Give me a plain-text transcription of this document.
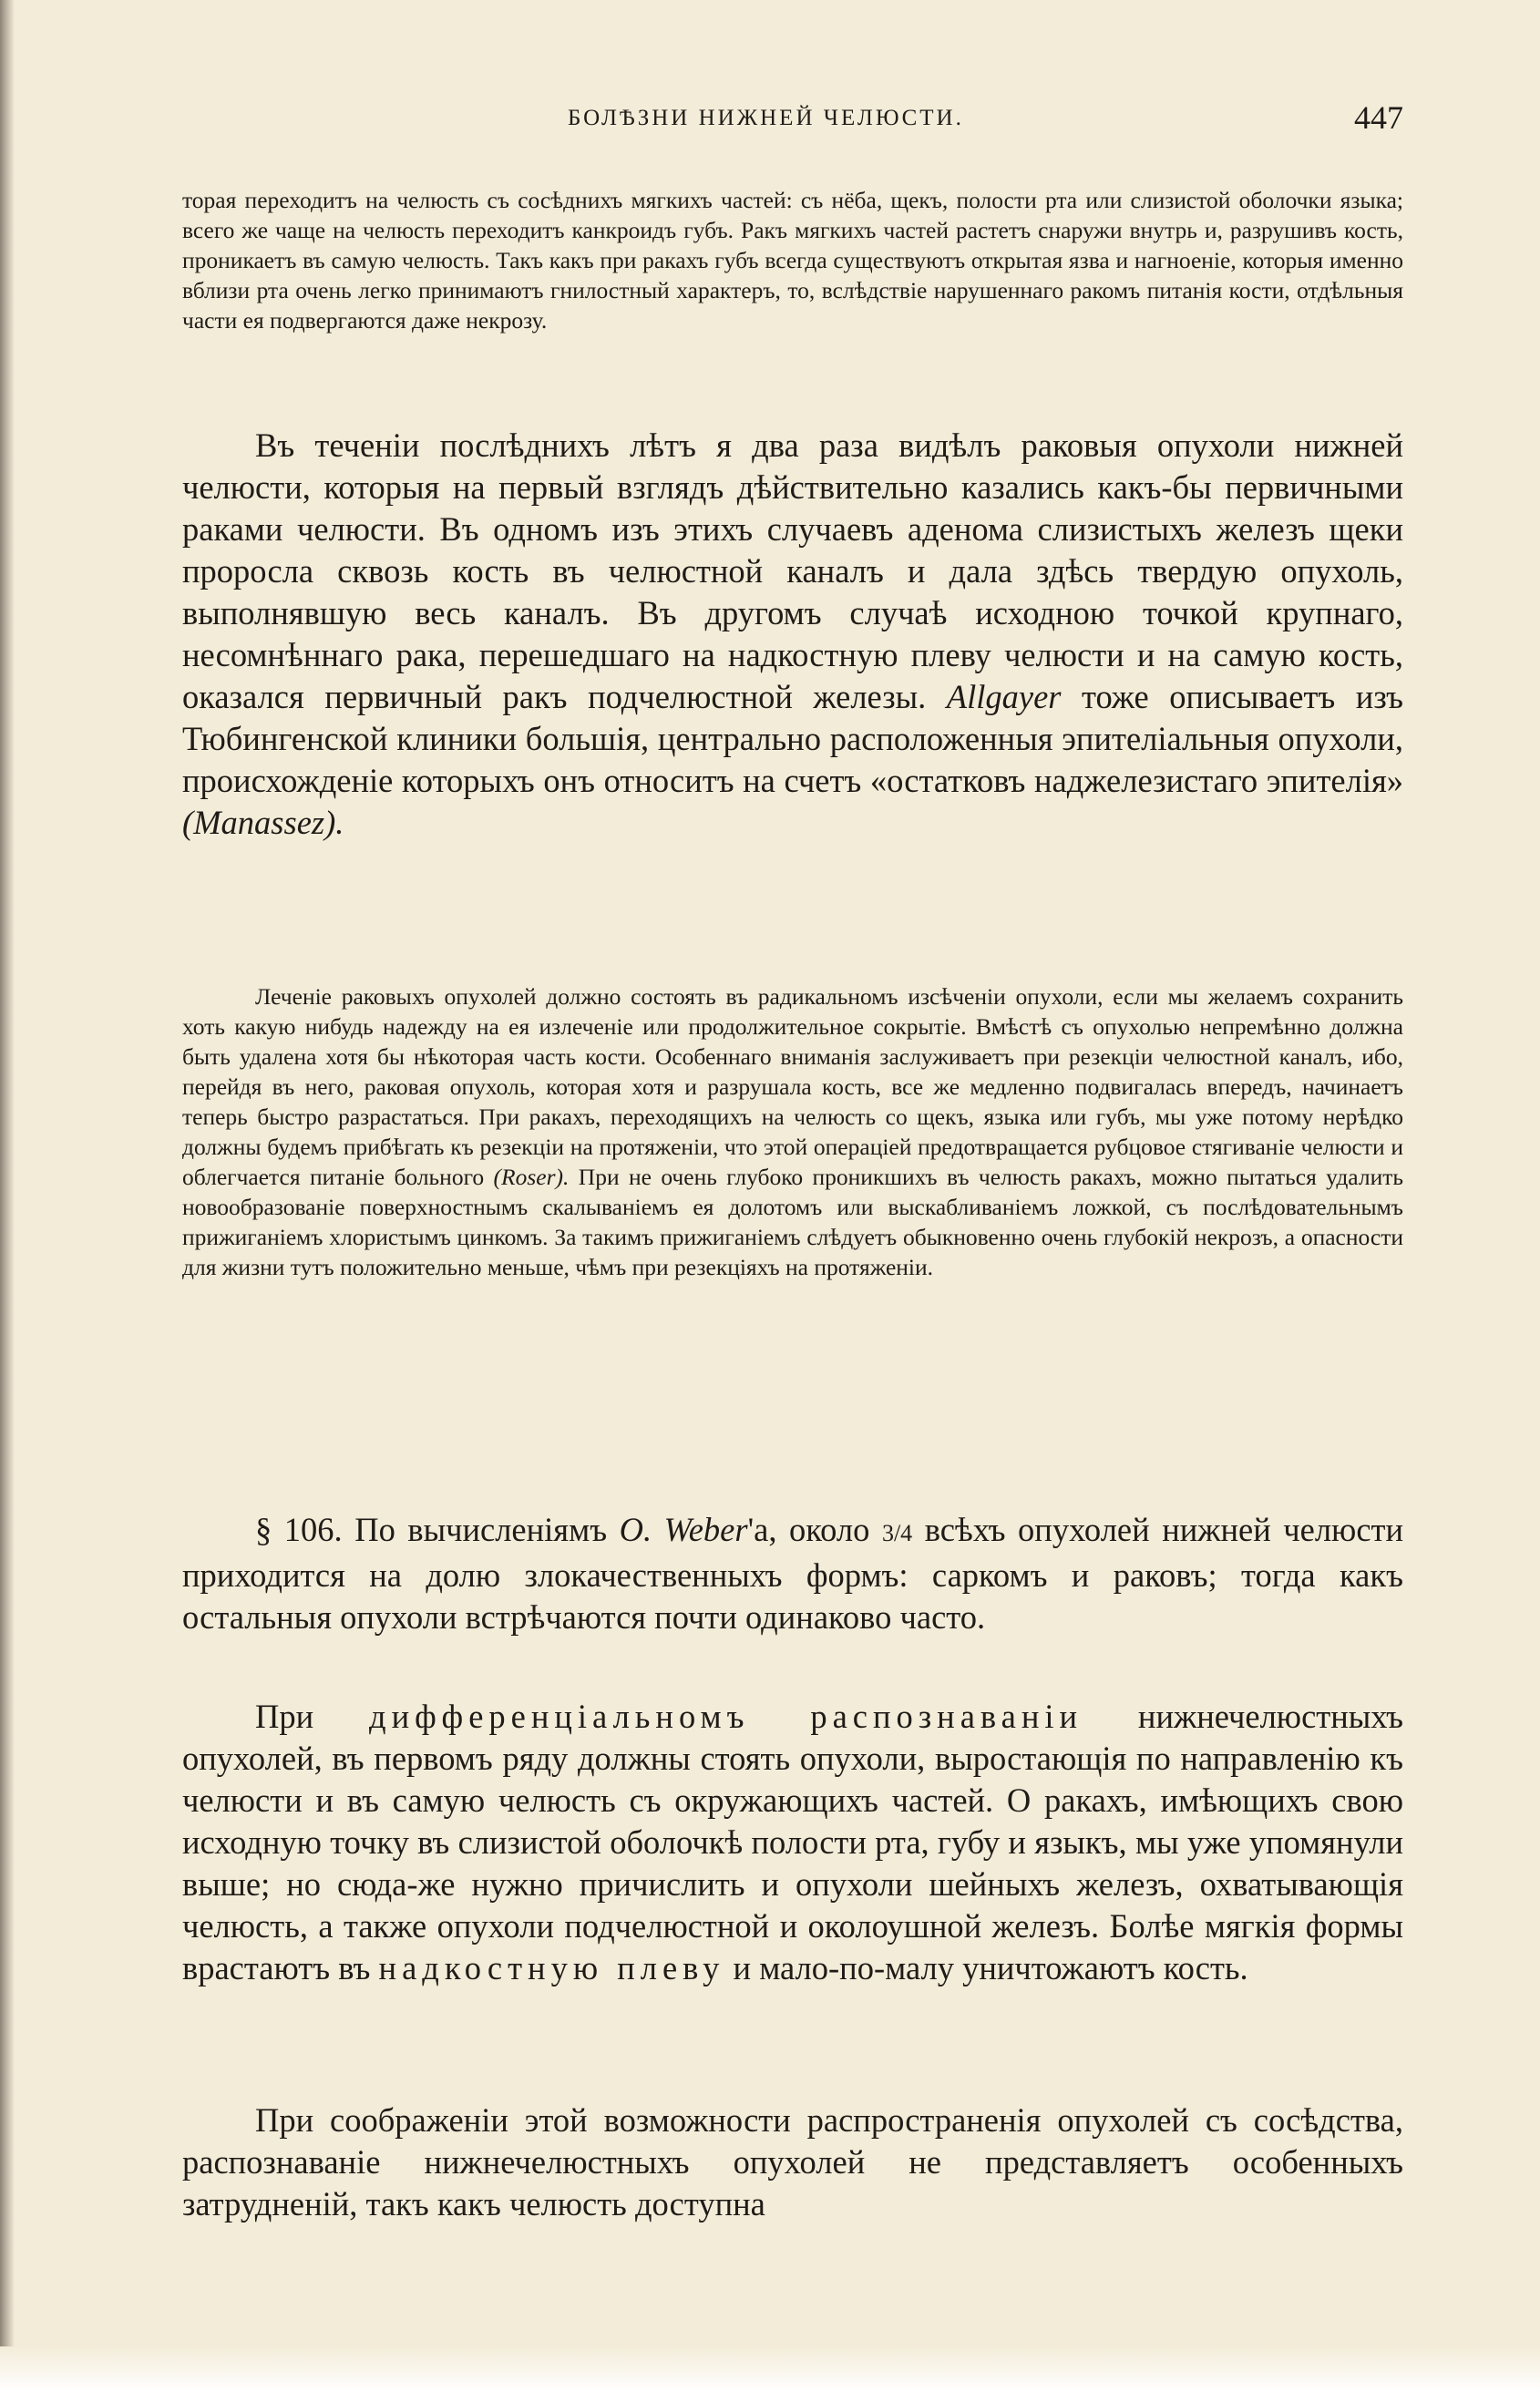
БОЛѢЗНИ НИЖНЕЙ ЧЕЛЮСТИ.	447

торая переходитъ на челюсть съ сосѣднихъ мягкихъ частей: съ нёба, щекъ, полости рта или слизистой оболочки языка; всего же чаще на челюсть переходитъ канкроидъ губъ. Ракъ мягкихъ частей растетъ снаружи внутрь и, разрушивъ кость, проникаетъ въ самую челюсть. Такъ какъ при ракахъ губъ всегда существуютъ открытая язва и нагноеніе, которыя именно вблизи рта очень легко принимаютъ гнилостный характеръ, то, вслѣдствіе нарушеннаго ракомъ питанія кости, отдѣльныя части ея подвергаются даже некрозу.

Въ теченіи послѣднихъ лѣтъ я два раза видѣлъ раковыя опухоли нижней челюсти, которыя на первый взглядъ дѣйствительно казались какъ-бы первичными раками челюсти. Въ одномъ изъ этихъ случаевъ аденома слизистыхъ железъ щеки проросла сквозь кость въ челюстной каналъ и дала здѣсь твердую опухоль, выполнявшую весь каналъ. Въ другомъ случаѣ исходною точкой крупнаго, несомнѣннаго рака, перешедшаго на надкостную плеву челюсти и на самую кость, оказался первичный ракъ подчелюстной железы. Allgayer тоже описываетъ изъ Тюбингенской клиники большія, центрально расположенныя эпителіальныя опухоли, происхожденіе которыхъ онъ относитъ на счетъ «остатковъ наджелезистаго эпителія» (Manassez).

Леченіе раковыхъ опухолей должно состоять въ радикальномъ изсѣченіи опухоли, если мы желаемъ сохранить хоть какую нибудь надежду на ея излеченіе или продолжительное сокрытіе. Вмѣстѣ съ опухолью непремѣнно должна быть удалена хотя бы нѣкоторая часть кости. Особеннаго вниманія заслуживаетъ при резекціи челюстной каналъ, ибо, перейдя въ него, раковая опухоль, которая хотя и разрушала кость, все же медленно подвигалась впередъ, начинаетъ теперь быстро разрастаться. При ракахъ, переходящихъ на челюсть со щекъ, языка или губъ, мы уже потому нерѣдко должны будемъ прибѣгать къ резекціи на протяженіи, что этой операціей предотвращается рубцовое стягиваніе челюсти и облегчается питаніе больного (Roser). При не очень глубоко проникшихъ въ челюсть ракахъ, можно пытаться удалить новообразованіе поверхностнымъ скалываніемъ ея долотомъ или выскабливаніемъ ложкой, съ послѣдовательнымъ прижиганіемъ хлористымъ цинкомъ. За такимъ прижиганіемъ слѣдуетъ обыкновенно очень глубокій некрозъ, а опасности для жизни тутъ положительно меньше, чѣмъ при резекціяхъ на протяженіи.

§ 106. По вычисленіямъ O. Weber'а, около 3/4 всѣхъ опухолей нижней челюсти приходится на долю злокачественныхъ формъ: саркомъ и раковъ; тогда какъ остальныя опухоли встрѣчаются почти одинаково часто.

При дифференціальномъ распознаваніи нижнечелюстныхъ опухолей, въ первомъ ряду должны стоять опухоли, выростающія по направленію къ челюсти и въ самую челюсть съ окружающихъ частей. О ракахъ, имѣющихъ свою исходную точку въ слизистой оболочкѣ полости рта, губу и языкъ, мы уже упомянули выше; но сюда-же нужно причислить и опухоли шейныхъ железъ, охватывающія челюсть, а также опухоли подчелюстной и околоушной железъ. Болѣе мягкія формы врастаютъ въ надкостную плеву и мало-по-малу уничтожаютъ кость.

При соображеніи этой возможности распространенія опухолей съ сосѣдства, распознаваніе нижнечелюстныхъ опухолей не представляетъ особенныхъ затрудненій, такъ какъ челюсть доступна
